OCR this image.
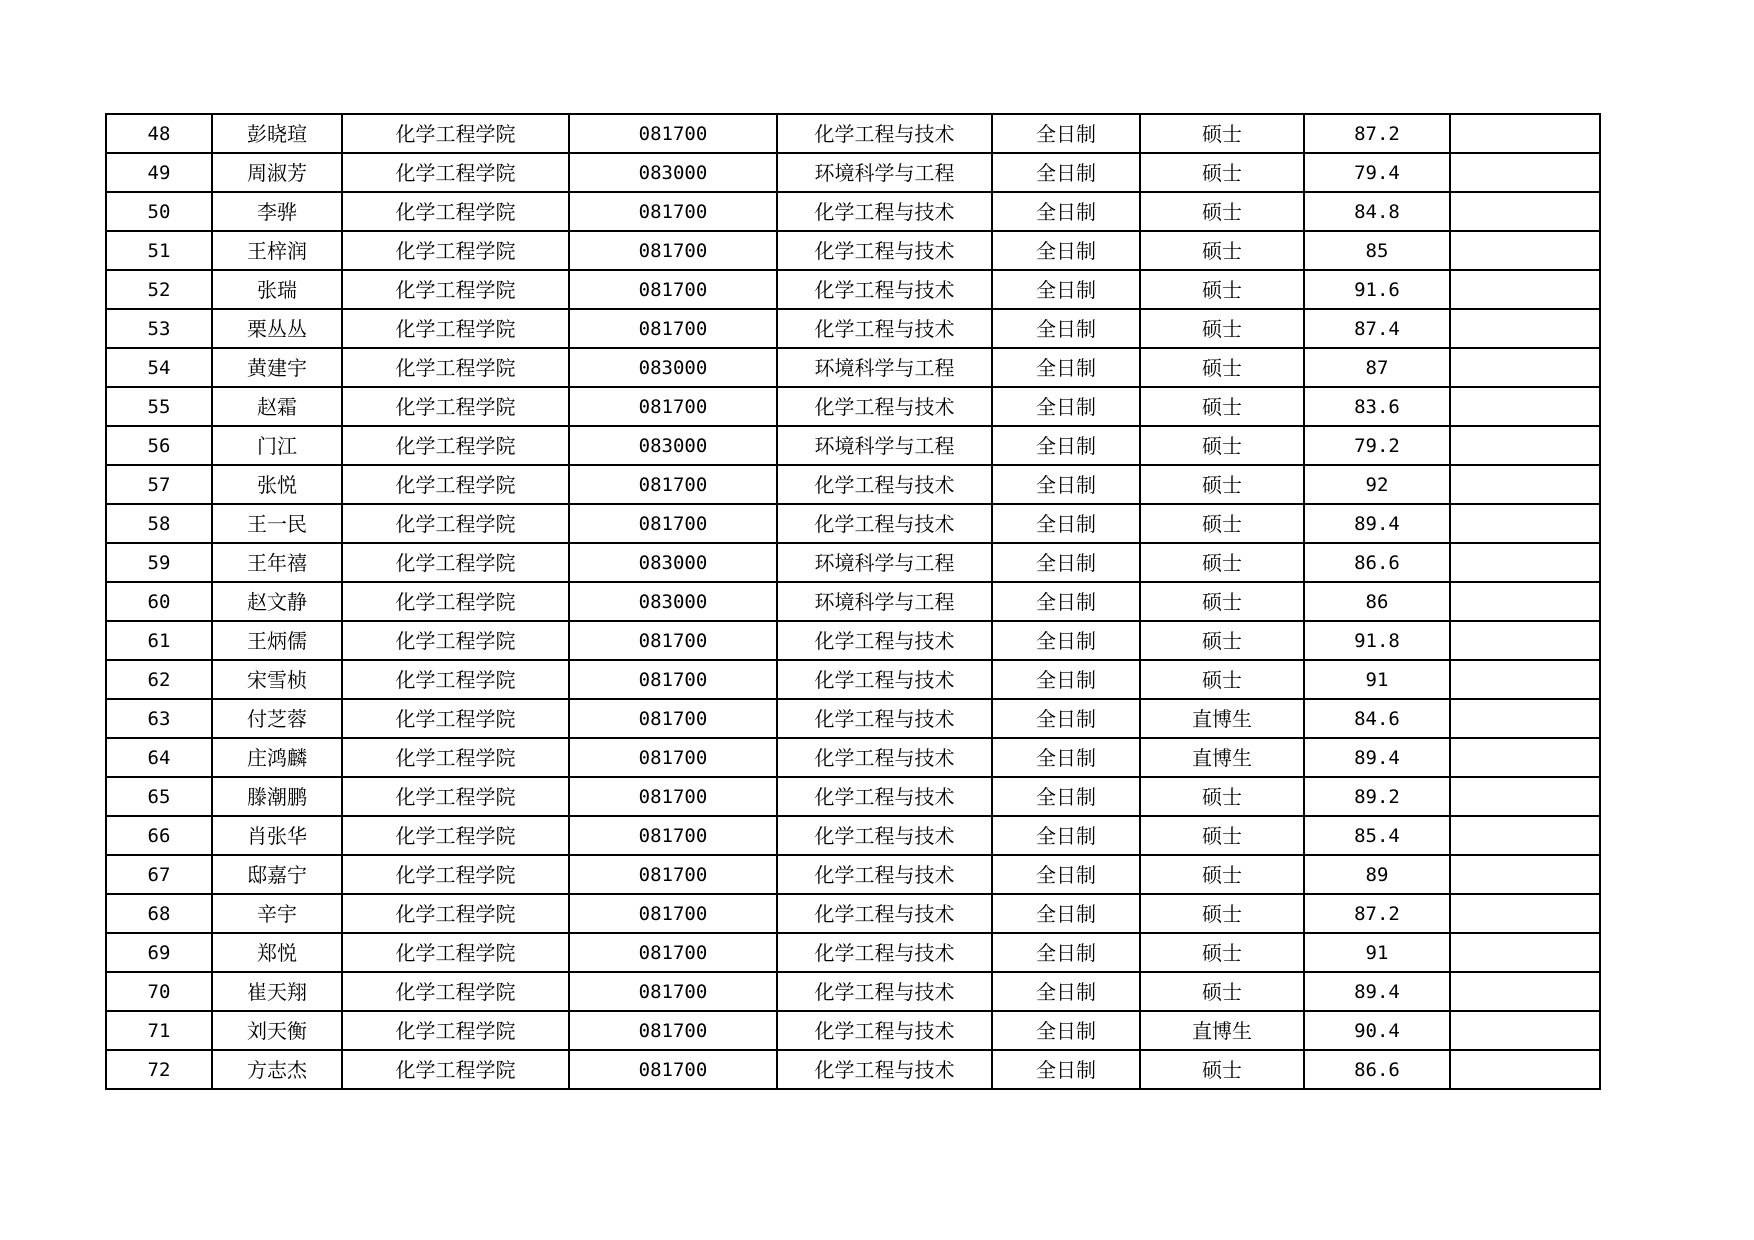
48	彭晓瑄	化学工程学院	081700	化学工程与技术	全日制	硕士	87.2	
49	周淑芳	化学工程学院	083000	环境科学与工程	全日制	硕士	79.4	
50	李骅	化学工程学院	081700	化学工程与技术	全日制	硕士	84.8	
51	王梓润	化学工程学院	081700	化学工程与技术	全日制	硕士	85	
52	张瑞	化学工程学院	081700	化学工程与技术	全日制	硕士	91.6	
53	栗丛丛	化学工程学院	081700	化学工程与技术	全日制	硕士	87.4	
54	黄建宇	化学工程学院	083000	环境科学与工程	全日制	硕士	87	
55	赵霜	化学工程学院	081700	化学工程与技术	全日制	硕士	83.6	
56	门江	化学工程学院	083000	环境科学与工程	全日制	硕士	79.2	
57	张悦	化学工程学院	081700	化学工程与技术	全日制	硕士	92	
58	王一民	化学工程学院	081700	化学工程与技术	全日制	硕士	89.4	
59	王年禧	化学工程学院	083000	环境科学与工程	全日制	硕士	86.6	
60	赵文静	化学工程学院	083000	环境科学与工程	全日制	硕士	86	
61	王炳儒	化学工程学院	081700	化学工程与技术	全日制	硕士	91.8	
62	宋雪桢	化学工程学院	081700	化学工程与技术	全日制	硕士	91	
63	付芝蓉	化学工程学院	081700	化学工程与技术	全日制	直博生	84.6	
64	庄鸿麟	化学工程学院	081700	化学工程与技术	全日制	直博生	89.4	
65	滕潮鹏	化学工程学院	081700	化学工程与技术	全日制	硕士	89.2	
66	肖张华	化学工程学院	081700	化学工程与技术	全日制	硕士	85.4	
67	邸嘉宁	化学工程学院	081700	化学工程与技术	全日制	硕士	89	
68	辛宇	化学工程学院	081700	化学工程与技术	全日制	硕士	87.2	
69	郑悦	化学工程学院	081700	化学工程与技术	全日制	硕士	91	
70	崔天翔	化学工程学院	081700	化学工程与技术	全日制	硕士	89.4	
71	刘天衡	化学工程学院	081700	化学工程与技术	全日制	直博生	90.4	
72	方志杰	化学工程学院	081700	化学工程与技术	全日制	硕士	86.6	
